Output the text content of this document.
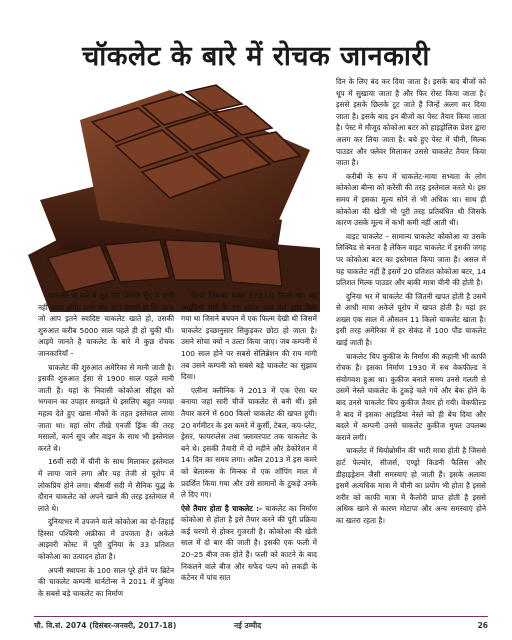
चॉकलेट के बारे में रोचक जानकारी

चाकलेट के बारे में सुन कर किसके मुँह में पानी नहीं आता होगा। मगर क्या आप जानते हो कि आज जो आप इतने स्वादिष्ट चाकलेट खाते हो, उसकी शुरुआत करीब 5000 साल पहले ही हो चुकी थी। आइये जानते है चाकलेट के बारे में कुछ रोचक जानकारियाँ –

चाकलेट की शुरुआत अमेरिका से मानी जाती है। इसकी शुरुआत ईसा से 1900 साल पहले मानी जाती है। यहां के निवासी कोकोआ सीड्स को भगवान का उपहार समझते थे इसलिए बहुत ज्यादा महत्व देते हुए खास मौकों के तहत इस्तेमाल लाया जाता था। वहां लोग तीखे एनर्जी ड्रिंक की तरह मसालों, कार्न सूप और वाइन के साथ भी इस्तेमाल करते थे।

16वीं सदी में चीनी के साथ मिलाकर इस्तेमाल में लाया जाने लगा और यह तेजी से यूरोप में लोकप्रिय होने लगा। बीसवीं सदी में सैनिक युद्ध के दौरान चाकलेट को अपने खाने की तरह इस्तेमाल में लाते थे।

दुनियाभर में उपजने वाले कोकोआ का दो-तिहाई हिस्सा पश्चिमी अफ्रीका में उपजता है। अकेले आइवरी कोस्ट में पूरी दुनिया के 33 प्रतिशत कोकोआ का उत्पादन होता है।

अपनी स्थापना के 100 साल पूरे होने पर ब्रिटेन की चाकलेट कम्पनी थार्नटोन्स ने 2011 में दुनिया के सबसे बड़े चाकलेट का निर्माण

किया जिसका वजन 5792.0 किलो था। यह आइडिया थार्न के एक स्टाफ पाल बेल द्वारा दिया गया था जिसने बचपन में एक फिल्म देखी थी जिसमें चाकलेट इच्छानुसार सिकुड़कर छोटा हो जाता है। उसने सोचा क्यों न उल्टा किया जाए। जब कम्पनी में 100 साल होने पर सबसे सेलिब्रेशन की राय मांगी तब उसने कम्पनी को सबसे बड़े चाकलेट का सुझाव दिया।

एलीना क्लीनिक ने 2013 में एक ऐसा घर बनाया जहां सारी चीजें चाकलेट से बनी थीं। इसे तैयार करने में 600 किलो चाकलेट की खपत हुयी। 20 वर्गमीटर के इस कमरे में कुर्सी, टेबल, कप-प्लेट, ड्रेसर, फायरप्लेस तथा फ्लावरपाट तक चाकलेट के बने थे। इसकी तैयारी में दो महीने और डेकोरेशन में 14 दिन का समय लगा। अप्रैल 2013 में इस कमरे को बेलारूस के मिन्स्क में एक शॉपिंग माल में प्रदर्शित किया गया और उसे सामानों के टुकड़े उनके ले दिए गए।

ऐसे तैयार होता है चाकलेट :- चाकलेट का निर्माण कोकोआ से होता है इसे तैयार करने की पूरी प्रक्रिया कई चरणों से होकर गुजरती है। कोकोआ की खेती साल में दो बार की जाती है। इसकी एक फली में 20–25 बीज तक होते हैं। फली को काटने के बाद निकलने वाले बीज और सफेद पल्प को लकड़ी के कंटेनर में पांच सात

दिन के लिए बंद कर दिया जाता है। इसके बाद बीजों को धूप में सुखाया जाता है और फिर रोस्ट किया जाता है। इससे इसके छिलके टूट जाते हैं जिन्हें अलग कर दिया जाता है। इसके बाद इन बीजों का पेस्ट तैयार किया जाता है। पेस्ट में मौजूद कोकोआ बटर को हाइड्रोलिक प्रेशर द्वारा अलग कर लिया जाता है। बचे हुए पेस्ट में चीनी, मिल्क पाउडर और फ्लेवर मिलाकर उससे चाकलेट तैयार किया जाता है।

करीबी के रूप में चाकलेट-माया सभ्यता के लोग कोकोआ बीन्स को करेंसी की तरह इस्तेमाल करते थे। इस समय में इसका मूल्य सोने से भी अधिक था। साथ ही कोकोआ की खेती भी पूरी तरह प्रतिबंधित थी जिसके कारण उसके मूल्य में कभी कमी नहीं आती थी।

वाइट चाकलेट – सामान्य चाकलेट कोकोआ या उसके लिक्विड से बनता है लेकिन वाइट चाकलेट में इसकी जगह पर कोकोआ बटर का इस्तेमाल किया जाता है। असल में यह चाकलेट नहीं है इसमें 20 प्रतिशत कोकोआ बटर, 14 प्रतिशत मिल्क पाउडर और बाकी मात्रा चीनी की होती है।

दुनिया भर में चाकलेट की जितनी खपत होती है उसमें से आधी मात्रा अकेले यूरोप में खपत होती है। यहां हर शख्स एक साल में औसतन 11 किलो चाकलेट खाता है। इसी तरह अमेरिका में हर सेकंड में 100 पौंड चाकलेट खाई जाती है।

चाकलेट चिप कुकीज के निर्माण की कहानी भी काफी रोचक है। इसका निर्माण 1930 में रुथ वेकफील्ड ने संयोगवश हुआ था। कुकीज बनाते समय उनसे गलती से उसमें नेस्ले चाकलेट के टुकड़े चले गये और बेक होने के बाद उनसे चाकलेट चिप कुकीज तैयार हो गयी। वेकफील्ड ने बाद में इसका आइडिया नेस्ले को ही बेच दिया और बदले में कम्पनी उनसे चाकलेट कुकीज मुफ्त उपलब्ध कराने लगी।

चाकलेट में थियोब्रोमीन की भारी मात्रा होती है जिससे हार्ट फेल्योर, सीजर्स, एण्ड्रो किडनी फैलिस और डीहाइड्रेशन जैसी समस्याएं हो जाती हैं। इसके अलावा इसमें अत्यधिक मात्रा में चीनी का प्रयोग भी होता है इससे शरीर को काफी मात्रा में कैलोरी प्राप्त होती है इससे अधिक खाने से कारण मोटापा और अन्य समस्याएं होने का खतरा रहता है।

चौ. वि.सं. 2074 (दिसंबर-जनवरी, 2017-18)	नई उम्मीद	26
